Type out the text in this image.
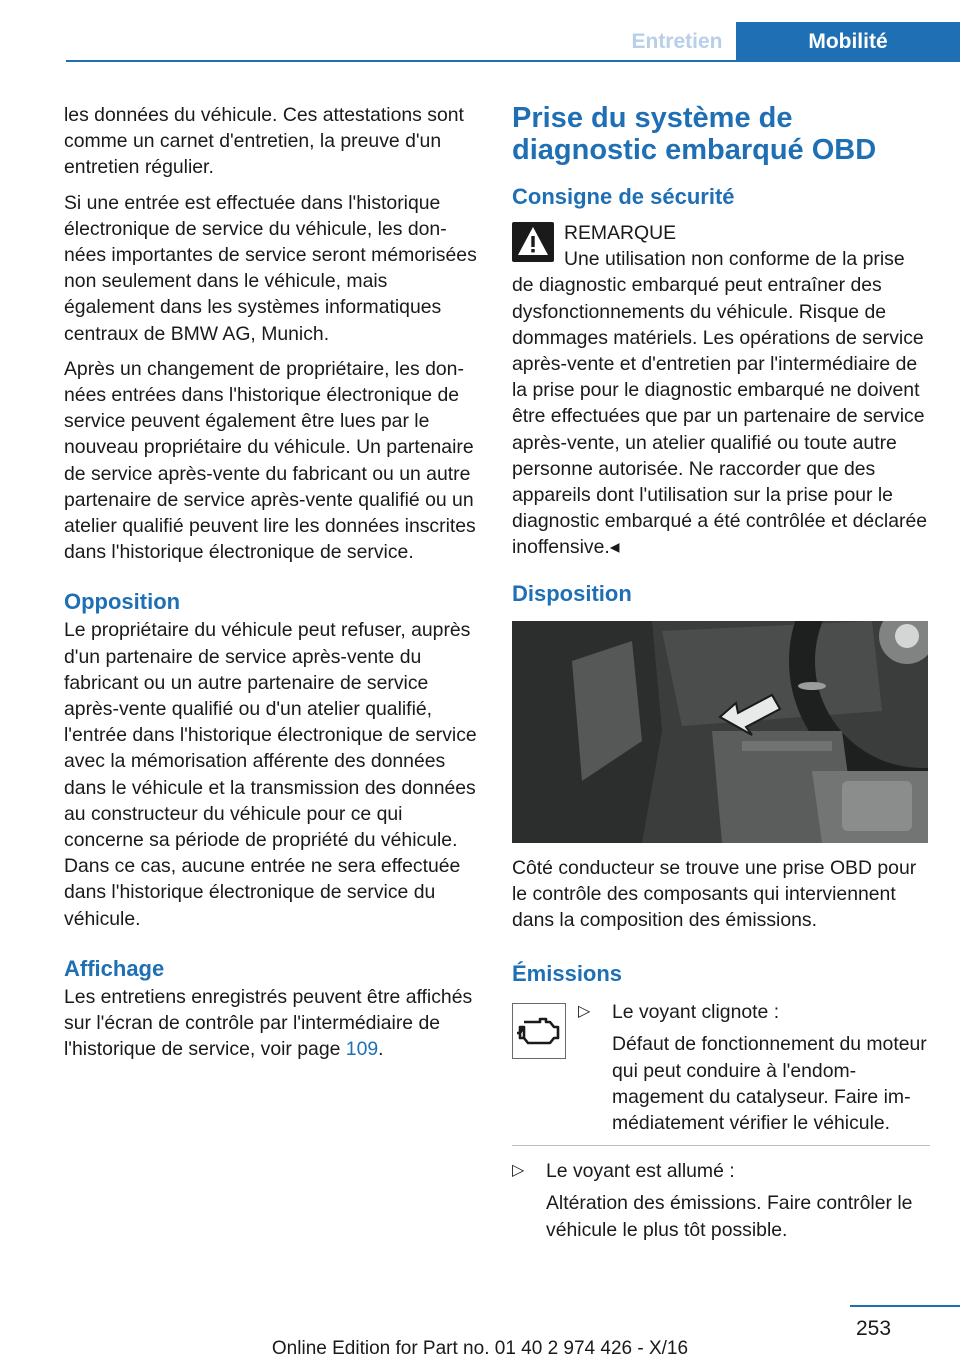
Entretien	Mobilité

les données du véhicule. Ces attestations sont comme un carnet d'entretien, la preuve d'un entretien régulier.

Si une entrée est effectuée dans l'historique électronique de service du véhicule, les données importantes de service seront mémorisées non seulement dans le véhicule, mais également dans les systèmes informatiques centraux de BMW AG, Munich.

Après un changement de propriétaire, les données entrées dans l'historique électronique de service peuvent également être lues par le nouveau propriétaire du véhicule. Un partenaire de service après-vente du fabricant ou un autre partenaire de service après-vente qualifié ou un atelier qualifié peuvent lire les données inscrites dans l'historique électronique de service.

Opposition

Le propriétaire du véhicule peut refuser, auprès d'un partenaire de service après-vente du fabricant ou un autre partenaire de service après-vente qualifié ou d'un atelier qualifié, l'entrée dans l'historique électronique de service avec la mémorisation afférente des données dans le véhicule et la transmission des données au constructeur du véhicule pour ce qui concerne sa période de propriété du véhicule. Dans ce cas, aucune entrée ne sera effectuée dans l'historique électronique de service du véhicule.

Affichage

Les entretiens enregistrés peuvent être affichés sur l'écran de contrôle par l'intermédiaire de l'historique de service, voir page 109.

Prise du système de diagnostic embarqué OBD
Consigne de sécurité

REMARQUE

Une utilisation non conforme de la prise de diagnostic embarqué peut entraîner des dysfonctionnements du véhicule. Risque de dommages matériels. Les opérations de service après-vente et d'entretien par l'intermédiaire de la prise pour le diagnostic embarqué ne doivent être effectuées que par un partenaire de service après-vente, un atelier qualifié ou toute autre personne autorisée. Ne raccorder que des appareils dont l'utilisation sur la prise pour le diagnostic embarqué a été contrôlée et déclarée inoffensive.◂

Disposition

Côté conducteur se trouve une prise OBD pour le contrôle des composants qui interviennent dans la composition des émissions.

Émissions
▷ Le voyant clignote :

Défaut de fonctionnement du moteur qui peut conduire à l'endommagement du catalyseur. Faire immédiatement vérifier le véhicule.

▷ Le voyant est allumé :

Altération des émissions. Faire contrôler le véhicule le plus tôt possible.

253
Online Edition for Part no. 01 40 2 974 426 - X/16
